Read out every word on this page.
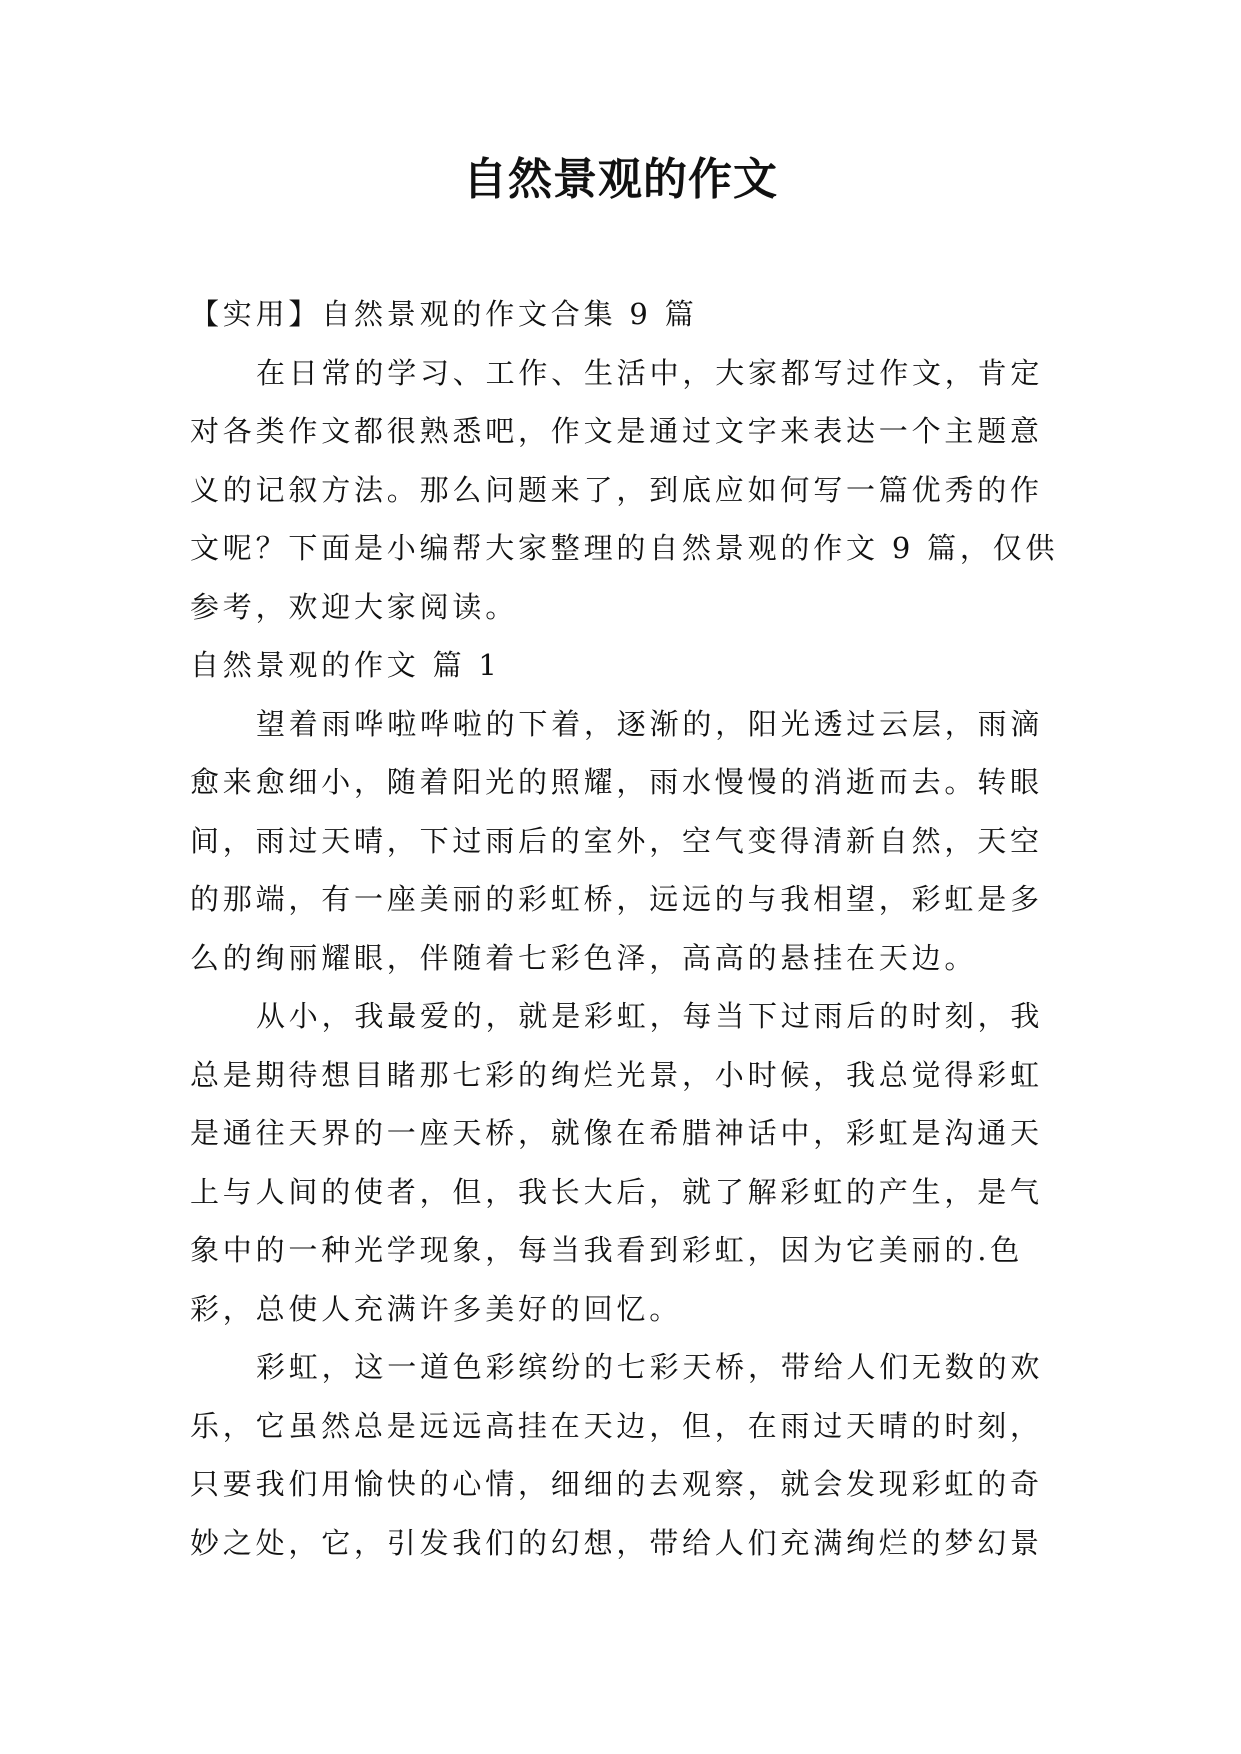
自然景观的作文

【实用】自然景观的作文合集 9 篇

在日常的学习、工作、生活中，大家都写过作文，肯定

对各类作文都很熟悉吧，作文是通过文字来表达一个主题意

义的记叙方法。那么问题来了，到底应如何写一篇优秀的作

文呢？下面是小编帮大家整理的自然景观的作文 9 篇，仅供

参考，欢迎大家阅读。

自然景观的作文 篇 1

望着雨哗啦哗啦的下着，逐渐的，阳光透过云层，雨滴

愈来愈细小，随着阳光的照耀，雨水慢慢的消逝而去。转眼

间，雨过天晴，下过雨后的室外，空气变得清新自然，天空

的那端，有一座美丽的彩虹桥，远远的与我相望，彩虹是多

么的绚丽耀眼，伴随着七彩色泽，高高的悬挂在天边。

从小，我最爱的，就是彩虹，每当下过雨后的时刻，我

总是期待想目睹那七彩的绚烂光景，小时候，我总觉得彩虹

是通往天界的一座天桥，就像在希腊神话中，彩虹是沟通天

上与人间的使者，但，我长大后，就了解彩虹的产生，是气

象中的一种光学现象，每当我看到彩虹，因为它美丽的.色

彩，总使人充满许多美好的回忆。

彩虹，这一道色彩缤纷的七彩天桥，带给人们无数的欢

乐，它虽然总是远远高挂在天边，但，在雨过天晴的时刻，

只要我们用愉快的心情，细细的去观察，就会发现彩虹的奇

妙之处，它，引发我们的幻想，带给人们充满绚烂的梦幻景
